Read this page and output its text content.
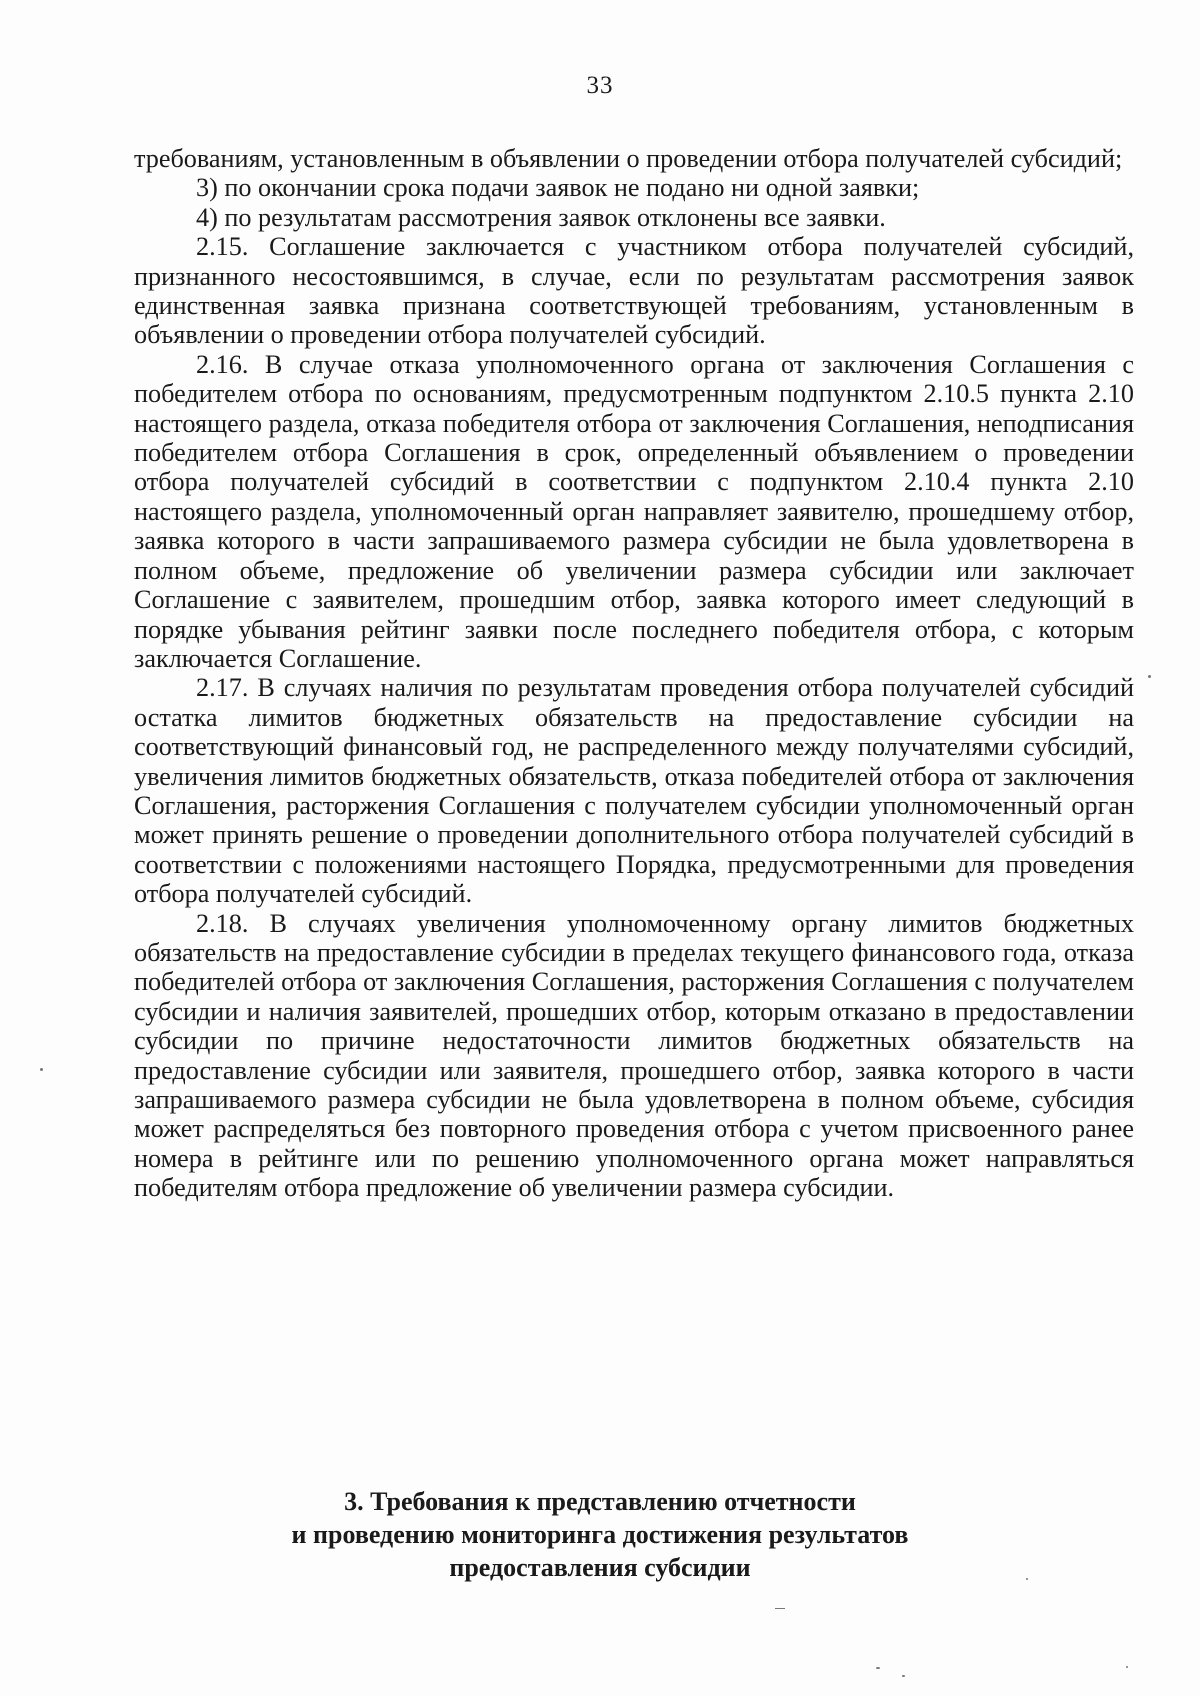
33

требованиям, установленным в объявлении о проведении отбора получателей субсидий;

3) по окончании срока подачи заявок не подано ни одной заявки;

4) по результатам рассмотрения заявок отклонены все заявки.

2.15. Соглашение заключается с участником отбора получателей субсидий, признанного несостоявшимся, в случае, если по результатам рассмотрения заявок единственная заявка признана соответствующей требованиям, установленным в объявлении о проведении отбора получателей субсидий.

2.16. В случае отказа уполномоченного органа от заключения Соглашения с победителем отбора по основаниям, предусмотренным подпунктом 2.10.5 пункта 2.10 настоящего раздела, отказа победителя отбора от заключения Соглашения, неподписания победителем отбора Соглашения в срок, определенный объявлением о проведении отбора получателей субсидий в соответствии с подпунктом 2.10.4 пункта 2.10 настоящего раздела, уполномоченный орган направляет заявителю, прошедшему отбор, заявка которого в части запрашиваемого размера субсидии не была удовлетворена в полном объеме, предложение об увеличении размера субсидии или заключает Соглашение с заявителем, прошедшим отбор, заявка которого имеет следующий в порядке убывания рейтинг заявки после последнего победителя отбора, с которым заключается Соглашение.

2.17. В случаях наличия по результатам проведения отбора получателей субсидий остатка лимитов бюджетных обязательств на предоставление субсидии на соответствующий финансовый год, не распределенного между получателями субсидий, увеличения лимитов бюджетных обязательств, отказа победителей отбора от заключения Соглашения, расторжения Соглашения с получателем субсидии уполномоченный орган может принять решение о проведении дополнительного отбора получателей субсидий в соответствии с положениями настоящего Порядка, предусмотренными для проведения отбора получателей субсидий.

2.18. В случаях увеличения уполномоченному органу лимитов бюджетных обязательств на предоставление субсидии в пределах текущего финансового года, отказа победителей отбора от заключения Соглашения, расторжения Соглашения с получателем субсидии и наличия заявителей, прошедших отбор, которым отказано в предоставлении субсидии по причине недостаточности лимитов бюджетных обязательств на предоставление субсидии или заявителя, прошедшего отбор, заявка которого в части запрашиваемого размера субсидии не была удовлетворена в полном объеме, субсидия может распределяться без повторного проведения отбора с учетом присвоенного ранее номера в рейтинге или по решению уполномоченного органа может направляться победителям отбора предложение об увеличении размера субсидии.

3. Требования к представлению отчетности
и проведению мониторинга достижения результатов
предоставления субсидии
